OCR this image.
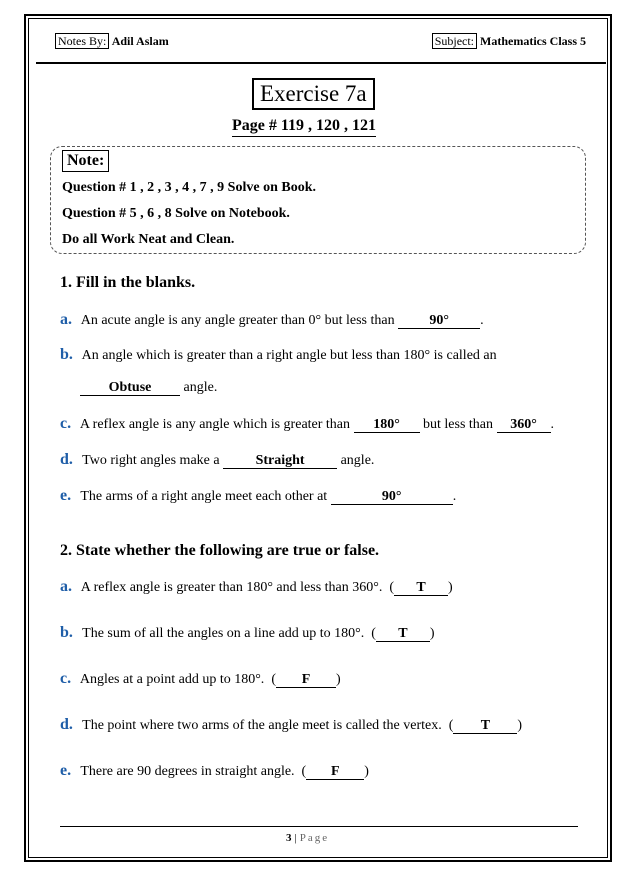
Notes By: Adil Aslam	Subject: Mathematics Class 5
Exercise 7a
Page # 119 , 120 , 121
Note:
Question # 1 , 2 , 3 , 4 , 7 , 9 Solve on Book.
Question # 5 , 6 , 8 Solve on Notebook.
Do all Work Neat and Clean.
1. Fill in the blanks.
a. An acute angle is any angle greater than 0° but less than 90° .
b. An angle which is greater than a right angle but less than 180° is called an
Obtuse angle.
c. A reflex angle is any angle which is greater than 180° but less than 360° .
d. Two right angles make a	Straight	angle.
e. The arms of a right angle meet each other at	90°	.
2. State whether the following are true or false.
a. A reflex angle is greater than 180° and less than 360°.  ( T )
b. The sum of all the angles on a line add up to 180°.  ( T )
c. Angles at a point add up to 180°.  ( F )
d. The point where two arms of the angle meet is called the vertex.  ( T )
e. There are 90 degrees in straight angle.  ( F )
3 | Page
